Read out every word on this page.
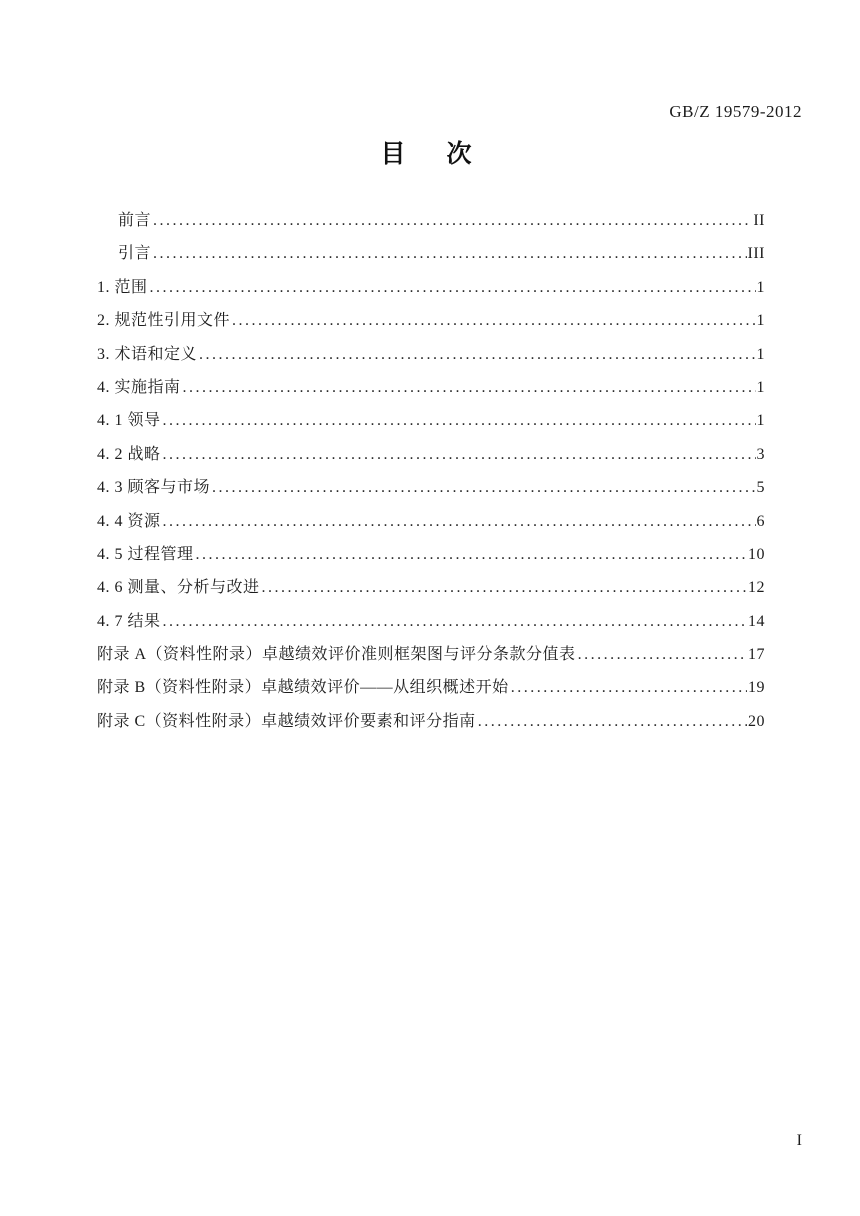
GB/Z 19579-2012
目　次
前言 .....	II
引言 .....	III
1. 范围 .....	1
2. 规范性引用文件 .....	1
3. 术语和定义 .....	1
4. 实施指南 .....	1
4. 1 领导 .....	1
4. 2 战略 .....	3
4. 3 顾客与市场 .....	5
4. 4 资源 .....	6
4. 5 过程管理 .....	10
4. 6 测量、分析与改进 .....	12
4. 7 结果 .....	14
附录 A（资料性附录）卓越绩效评价准则框架图与评分条款分值表 .....	17
附录 B（资料性附录）卓越绩效评价——从组织概述开始 .....	19
附录 C（资料性附录）卓越绩效评价要素和评分指南 .....	20
I
